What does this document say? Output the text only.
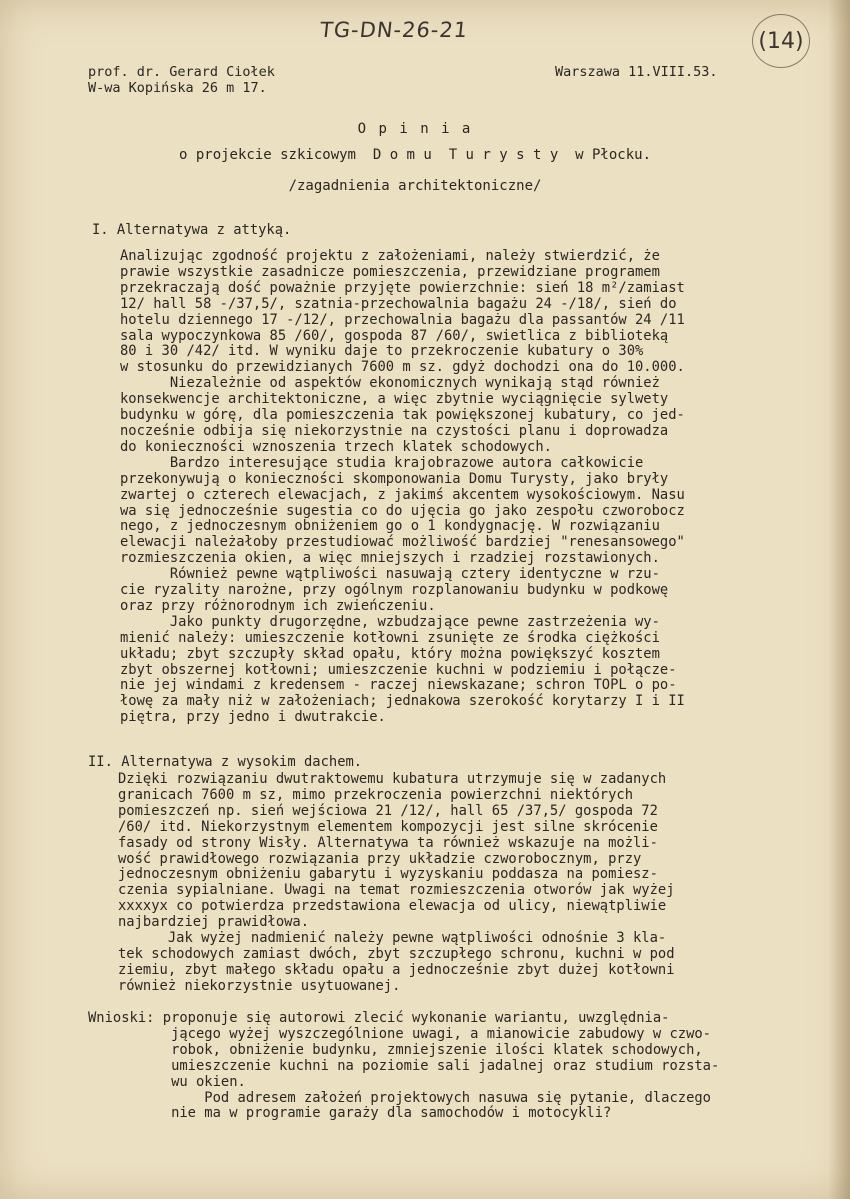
TG-DN-26-21	(14)
prof. dr. Gerard Ciołek
W-wa Kopińska 26 m 17.
Warszawa 11.VIII.53.
O p i n i a
o projekcie szkicowym  D o m u  T u r y s t y  w Płocku.
/zagadnienia architektoniczne/
I. Alternatywa z attyką.
Analizując zgodność projektu z założeniami, należy stwierdzić, że
prawie wszystkie zasadnicze pomieszczenia, przewidziane programem
przekraczają dość poważnie przyjęte powierzchnie: sień 18 m²/zamiast
12/ hall 58 -/37,5/, szatnia-przechowalnia bagażu 24 -/18/, sień do
hotelu dziennego 17 -/12/, przechowalnia bagażu dla passantów 24 /11
sala wypoczynkowa 85 /60/, gospoda 87 /60/, swietlica z biblioteką
80 i 30 /42/ itd. W wyniku daje to przekroczenie kubatury o 30%
w stosunku do przewidzianych 7600 m sz. gdyż dochodzi ona do 10.000.
Niezależnie od aspektów ekonomicznych wynikają stąd również
konsekwencje architektoniczne, a więc zbytnie wyciągnięcie sylwety
budynku w górę, dla pomieszczenia tak powiększonej kubatury, co jed-
nocześnie odbija się niekorzystnie na czystości planu i doprowadza
do konieczności wznoszenia trzech klatek schodowych.
Bardzo interesujące studia krajobrazowe autora całkowicie
przekonywują o konieczności skomponowania Domu Turysty, jako bryły
zwartej o czterech elewacjach, z jakimś akcentem wysokościowym. Nasu
wa się jednocześnie sugestia co do ujęcia go jako zespołu czworobocz
nego, z jednoczesnym obniżeniem go o 1 kondygnację. W rozwiązaniu
elewacji należałoby przestudiować możliwość bardziej "renesansowego"
rozmieszczenia okien, a więc mniejszych i rzadziej rozstawionych.
Również pewne wątpliwości nasuwają cztery identyczne w rzu-
cie ryzality narożne, przy ogólnym rozplanowaniu budynku w podkowę
oraz przy różnorodnym ich zwieńczeniu.
Jako punkty drugorzędne, wzbudzające pewne zastrzeżenia wy-
mienić należy: umieszczenie kotłowni zsunięte ze środka ciężkości
układu; zbyt szczupły skład opału, który można powiększyć kosztem
zbyt obszernej kotłowni; umieszczenie kuchni w podziemiu i połącze-
nie jej windami z kredensem - raczej niewskazane; schron TOPL o po-
łowę za mały niż w założeniach; jednakowa szerokość korytarzy I i II
piętra, przy jedno i dwutrakcie.
II. Alternatywa z wysokim dachem.
Dzięki rozwiązaniu dwutraktowemu kubatura utrzymuje się w zadanych
granicach 7600 m sz, mimo przekroczenia powierzchni niektórych
pomieszczeń np. sień wejściowa 21 /12/, hall 65 /37,5/ gospoda 72
/60/ itd. Niekorzystnym elementem kompozycji jest silne skrócenie
fasady od strony Wisły. Alternatywa ta również wskazuje na możli-
wość prawidłowego rozwiązania przy układzie czworobocznym, przy
jednoczesnym obniżeniu gabarytu i wyzyskaniu poddasza na pomiesz-
czenia sypialniane. Uwagi na temat rozmieszczenia otworów jak wyżej
xxxxyx co potwierdza przedstawiona elewacja od ulicy, niewątpliwie
najbardziej prawidłowa.
Jak wyżej nadmienić należy pewne wątpliwości odnośnie 3 kla-
tek schodowych zamiast dwóch, zbyt szczupłego schronu, kuchni w pod
ziemiu, zbyt małego składu opału a jednocześnie zbyt dużej kotłowni
również niekorzystnie usytuowanej.
Wnioski: proponuje się autorowi zlecić wykonanie wariantu, uwzględnia-
jącego wyżej wyszczególnione uwagi, a mianowicie zabudowy w czwo-
robok, obniżenie budynku, zmniejszenie ilości klatek schodowych,
umieszczenie kuchni na poziomie sali jadalnej oraz studium rozsta-
wu okien.
Pod adresem założeń projektowych nasuwa się pytanie, dlaczego
nie ma w programie garaży dla samochodów i motocykli?
